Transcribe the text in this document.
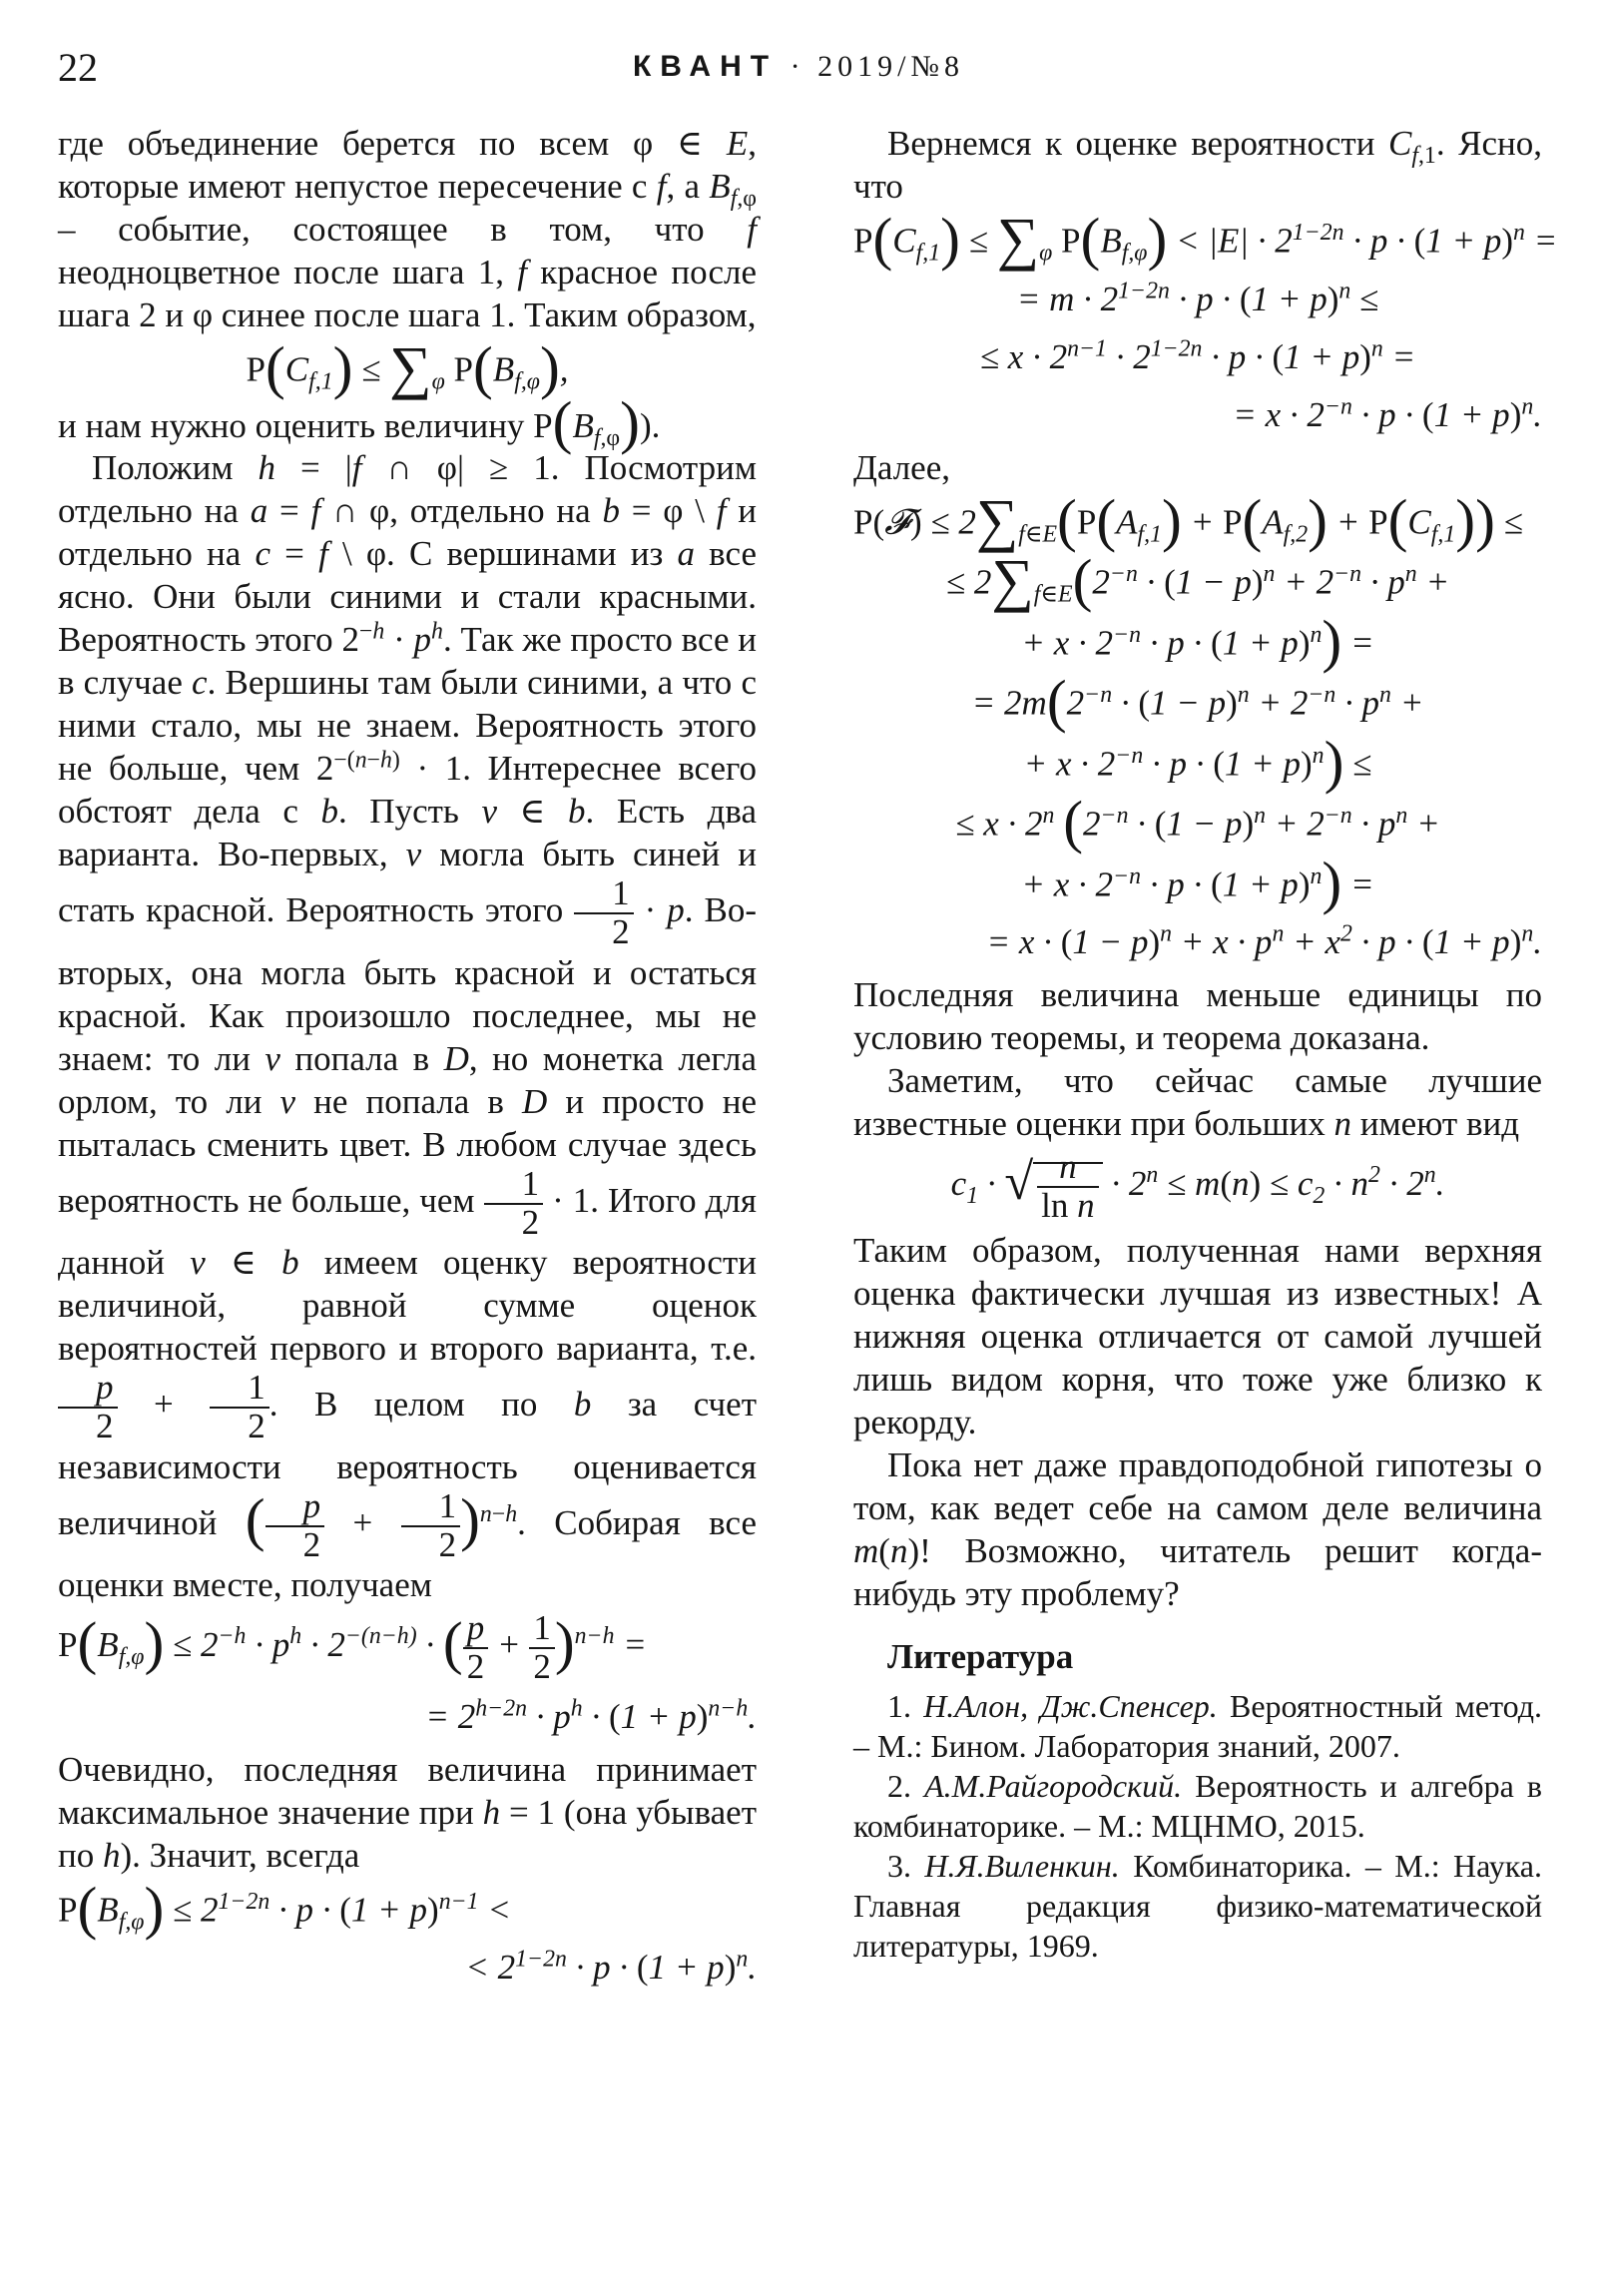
22	КВАНТ · 2019/№8

где объединение берется по всем φ ∈ E, которые имеют непустое пересечение с f, а $B_{f,\varphi}$ – событие, состоящее в том, что f неодноцветное после шага 1, f красное после шага 2 и φ синее после шага 1. Таким образом,

$P(C_{f,1}) \le \sum_\varphi$ $P(B_{f,\varphi})$,

и нам нужно оценить величину $P(B_{f,\varphi})$).

Положим h = |f ∩ φ| ≥ 1. Посмотрим отдельно на a = f ∩ φ, отдельно на b = φ \ f и отдельно на c = f \ φ. С вершинами из a все ясно. Они были синими и стали красными. Вероятность этого $2^{-h} \cdot p^h$. Так же просто все и в случае c. Вершины там были синими, а что с ними стало, мы не знаем. Вероятность этого не больше, чем $2^{-(n-h)} \cdot 1$. Интереснее всего обстоят дела с b. Пусть v ∈ b. Есть два варианта. Во-первых, v могла быть синей и стать красной. Вероятность этого $\frac{1}{2} \cdot p$. Во-вторых, она могла быть красной и остаться красной. Как произошло последнее, мы не знаем: то ли v попала в D, но монетка легла орлом, то ли v не попала в D и просто не пыталась сменить цвет. В любом случае здесь вероятность не больше, чем $\frac{1}{2} \cdot 1$. Итого для данной v ∈ b имеем оценку вероятности величиной, равной сумме оценок вероятностей первого и второго варианта, т.е.
$\frac{p}{2} + \frac{1}{2}$ . В целом по b за счет независимости вероятность оценивается величиной ( $\frac{p}{2} + \frac{1}{2} )^{n-h}$. Собирая все оценки вместе, получаем

$P(B_{f,\varphi}) \le 2^{-h} \cdot p^h \cdot 2^{-(n-h)}$ · ( $\frac{p}{2} + \frac{1}{2} )^{n-h}$ =
= $2^{h-2n} \cdot p^h \cdot (1 + p)^{n-h}$.

Очевидно, последняя величина принимает максимальное значение при h = 1 (она убывает по h). Значит, всегда

$P(B_{f,\varphi}) \le 2^{1-2n} \cdot p \cdot (1 + p)^{n-1}$ <
< $2^{1-2n} \cdot p \cdot (1 + p)^n$.

Вернемся к оценке вероятности $C_{f,1}$. Ясно, что

$P(C_{f,1}) \le \sum_\varphi$ $P(B_{f,\varphi}) < |E| \cdot 2^{1-2n} \cdot p \cdot (1 + p)^n$ =
= $m \cdot 2^{1-2n} \cdot p \cdot (1 + p)^n$ ≤
≤ $x \cdot 2^{n-1} \cdot 2^{1-2n} \cdot p \cdot (1 + p)^n$ =
= $x \cdot 2^{-n} \cdot p \cdot (1 + p)^n$.

Далее,

P(𝓕) ≤ $2\sum_{f\in E}(P(A_{f,1}) + P(A_{f,2}) + P(C_{f,1}))$ ≤
≤ $2\sum_{f\in E}(2^{-n} \cdot (1 - p)^n + 2^{-n} \cdot p^n$ +
+ $x \cdot 2^{-n} \cdot p \cdot (1 + p)^n$) =
= $2m(2^{-n} \cdot (1 - p)^n + 2^{-n} \cdot p^n$ +
+ $x \cdot 2^{-n} \cdot p \cdot (1 + p)^n$) ≤
≤ $x \cdot 2^n$ ($2^{-n} \cdot (1 - p)^n + 2^{-n} \cdot p^n$ +
+ $x \cdot 2^{-n} \cdot p \cdot (1 + p)^n$) =
= $x \cdot (1 - p)^n + x \cdot p^n + x^2 \cdot p \cdot (1 + p)^n$.

Последняя величина меньше единицы по условию теоремы, и теорема доказана.

Заметим, что сейчас самые лучшие известные оценки при больших n имеют вид

$c_1$ · √ $\frac{n}{\text{ln n}} \cdot 2^n \le m(n) \le c_2 \cdot n^2 \cdot 2^n$.

Таким образом, полученная нами верхняя оценка фактически лучшая из известных! А нижняя оценка отличается от самой лучшей лишь видом корня, что тоже уже близко к рекорду.

Пока нет даже правдоподобной гипотезы о том, как ведет себе на самом деле величина m(n)! Возможно, читатель решит когда-нибудь эту проблему?

Литература

1. Н.Алон, Дж.Спенсер. Вероятностный метод. – М.: Бином. Лаборатория знаний, 2007.

2. А.М.Райгородский. Вероятность и алгебра в комбинаторике. – М.: МЦНМО, 2015.

3. Н.Я.Виленкин. Комбинаторика. – М.: Наука. Главная редакция физико-математической литературы, 1969.
